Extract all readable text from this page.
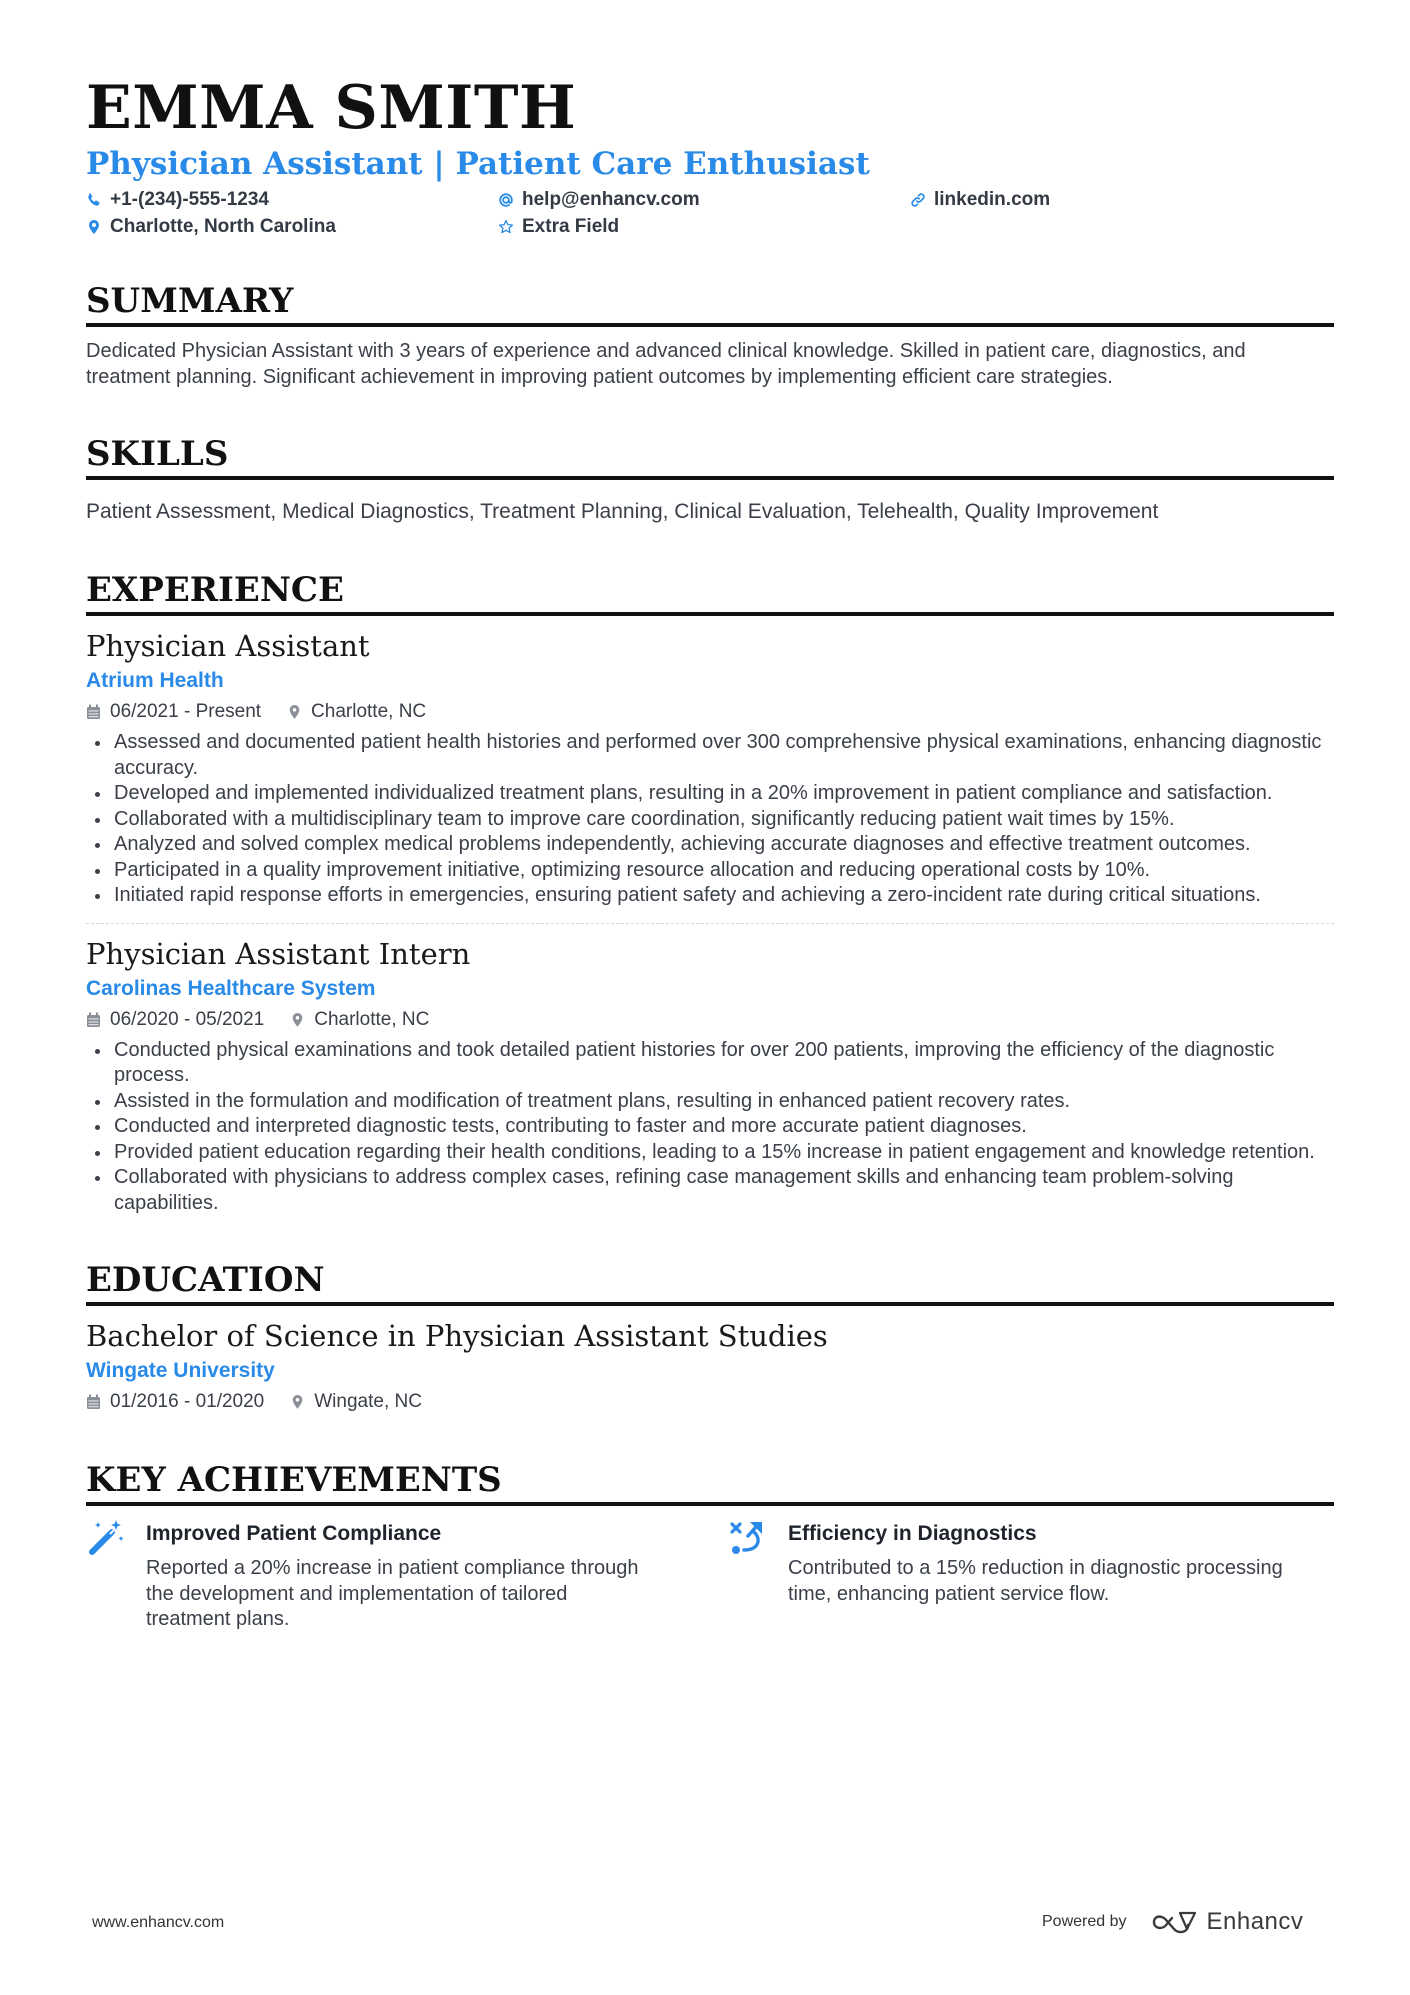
EMMA SMITH
Physician Assistant | Patient Care Enthusiast
+1-(234)-555-1234	help@enhancv.com	linkedin.com
Charlotte, North Carolina	Extra Field
SUMMARY

Dedicated Physician Assistant with 3 years of experience and advanced clinical knowledge. Skilled in patient care, diagnostics, and treatment planning. Significant achievement in improving patient outcomes by implementing efficient care strategies.

SKILLS

Patient Assessment, Medical Diagnostics, Treatment Planning, Clinical Evaluation, Telehealth, Quality Improvement

EXPERIENCE
Physician Assistant
Atrium Health
06/2021 - Present	Charlotte, NC
Assessed and documented patient health histories and performed over 300 comprehensive physical examinations, enhancing diagnostic accuracy.
Developed and implemented individualized treatment plans, resulting in a 20% improvement in patient compliance and satisfaction.
Collaborated with a multidisciplinary team to improve care coordination, significantly reducing patient wait times by 15%.
Analyzed and solved complex medical problems independently, achieving accurate diagnoses and effective treatment outcomes.
Participated in a quality improvement initiative, optimizing resource allocation and reducing operational costs by 10%.
Initiated rapid response efforts in emergencies, ensuring patient safety and achieving a zero-incident rate during critical situations.
Physician Assistant Intern
Carolinas Healthcare System
06/2020 - 05/2021	Charlotte, NC
Conducted physical examinations and took detailed patient histories for over 200 patients, improving the efficiency of the diagnostic process.
Assisted in the formulation and modification of treatment plans, resulting in enhanced patient recovery rates.
Conducted and interpreted diagnostic tests, contributing to faster and more accurate patient diagnoses.
Provided patient education regarding their health conditions, leading to a 15% increase in patient engagement and knowledge retention.
Collaborated with physicians to address complex cases, refining case management skills and enhancing team problem-solving capabilities.
EDUCATION
Bachelor of Science in Physician Assistant Studies
Wingate University
01/2016 - 01/2020	Wingate, NC
KEY ACHIEVEMENTS

Improved Patient Compliance

Reported a 20% increase in patient compliance through the development and implementation of tailored treatment plans.

Efficiency in Diagnostics

Contributed to a 15% reduction in diagnostic processing time, enhancing patient service flow.

www.enhancv.com	Powered by	Enhancv
